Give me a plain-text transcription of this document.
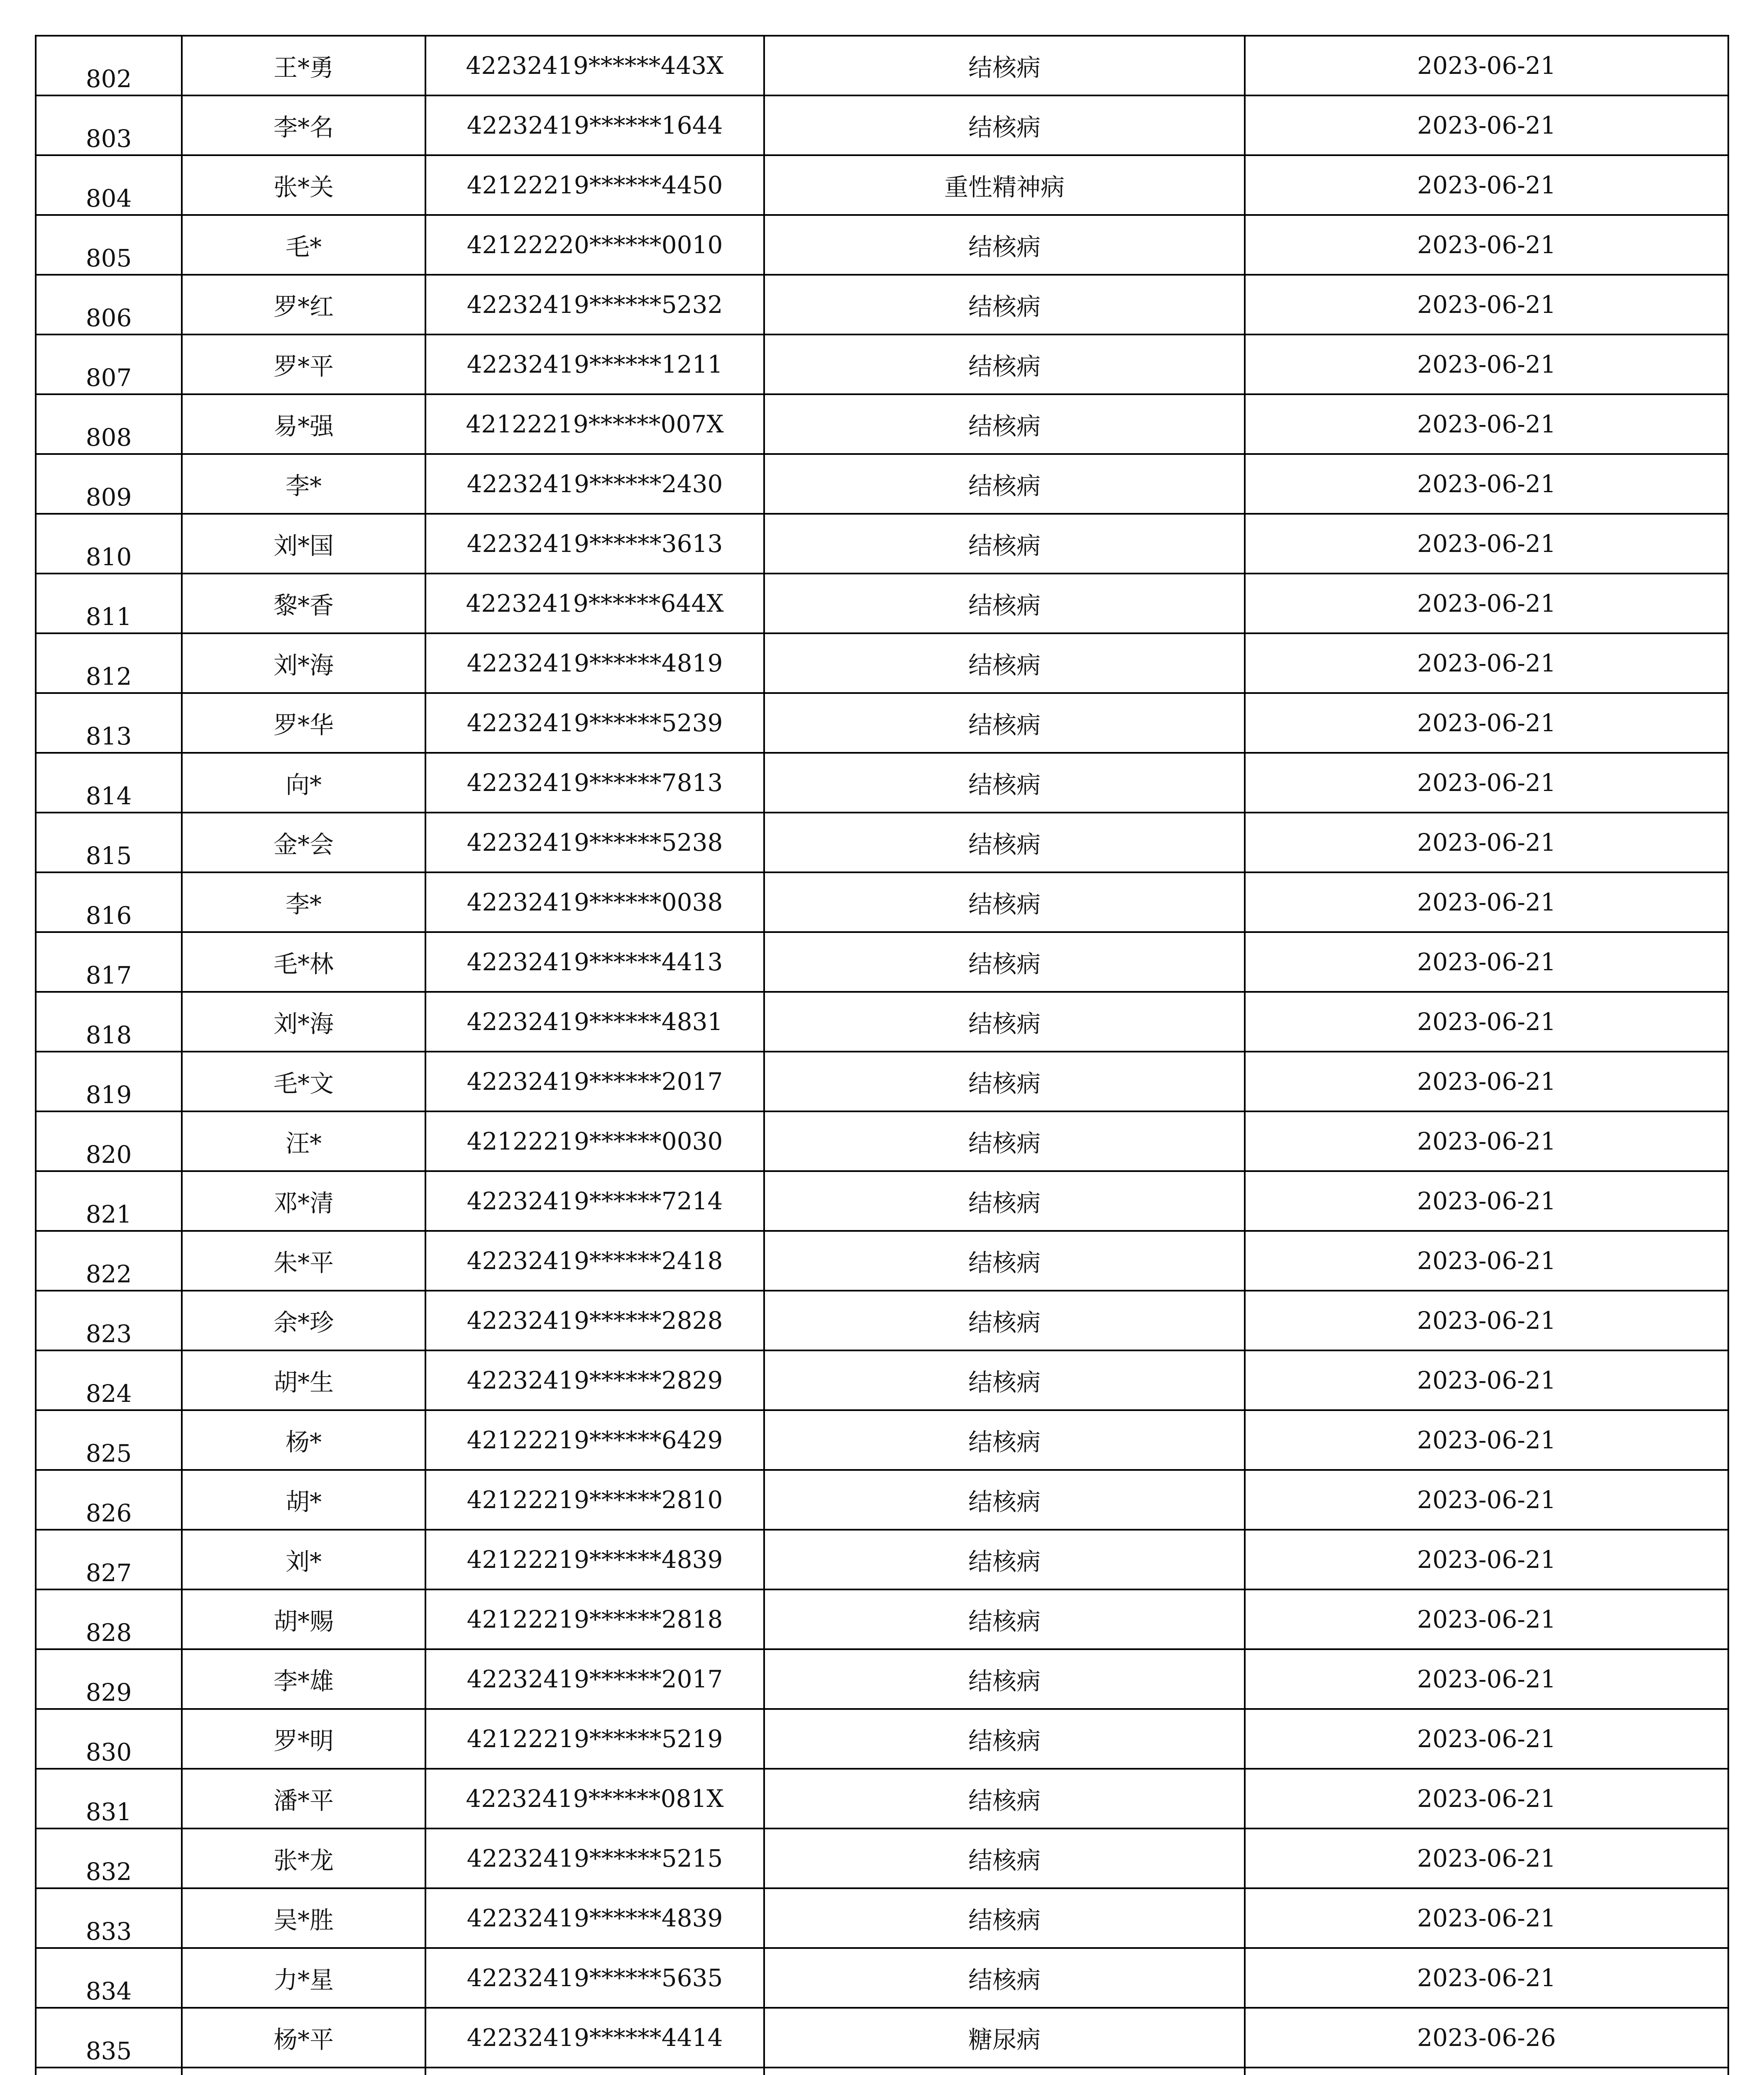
802	王*勇	42232419******443X	结核病	2023-06-21
803	李*名	42232419******1644	结核病	2023-06-21
804	张*关	42122219******4450	重性精神病	2023-06-21
805	毛*	42122220******0010	结核病	2023-06-21
806	罗*红	42232419******5232	结核病	2023-06-21
807	罗*平	42232419******1211	结核病	2023-06-21
808	易*强	42122219******007X	结核病	2023-06-21
809	李*	42232419******2430	结核病	2023-06-21
810	刘*国	42232419******3613	结核病	2023-06-21
811	黎*香	42232419******644X	结核病	2023-06-21
812	刘*海	42232419******4819	结核病	2023-06-21
813	罗*华	42232419******5239	结核病	2023-06-21
814	向*	42232419******7813	结核病	2023-06-21
815	金*会	42232419******5238	结核病	2023-06-21
816	李*	42232419******0038	结核病	2023-06-21
817	毛*林	42232419******4413	结核病	2023-06-21
818	刘*海	42232419******4831	结核病	2023-06-21
819	毛*文	42232419******2017	结核病	2023-06-21
820	汪*	42122219******0030	结核病	2023-06-21
821	邓*清	42232419******7214	结核病	2023-06-21
822	朱*平	42232419******2418	结核病	2023-06-21
823	余*珍	42232419******2828	结核病	2023-06-21
824	胡*生	42232419******2829	结核病	2023-06-21
825	杨*	42122219******6429	结核病	2023-06-21
826	胡*	42122219******2810	结核病	2023-06-21
827	刘*	42122219******4839	结核病	2023-06-21
828	胡*赐	42122219******2818	结核病	2023-06-21
829	李*雄	42232419******2017	结核病	2023-06-21
830	罗*明	42122219******5219	结核病	2023-06-21
831	潘*平	42232419******081X	结核病	2023-06-21
832	张*龙	42232419******5215	结核病	2023-06-21
833	吴*胜	42232419******4839	结核病	2023-06-21
834	力*星	42232419******5635	结核病	2023-06-21
835	杨*平	42232419******4414	糖尿病	2023-06-26
